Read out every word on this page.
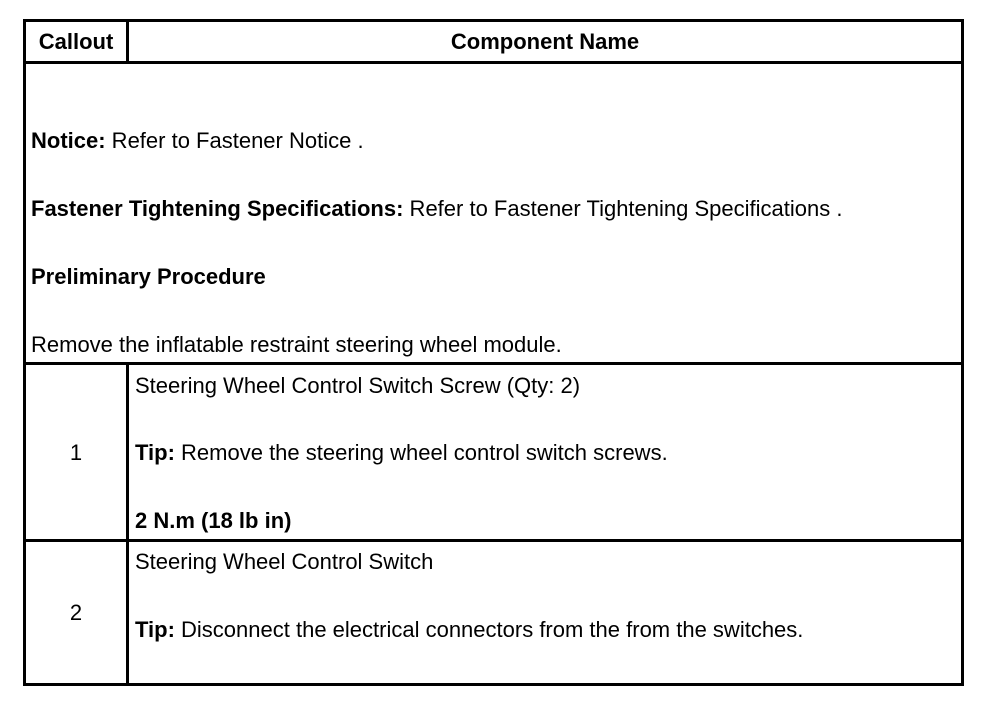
Callout	Component Name
Notice: Refer to Fastener Notice .
Fastener Tightening Specifications: Refer to Fastener Tightening Specifications .
Preliminary Procedure
Remove the inflatable restraint steering wheel module.
1
Steering Wheel Control Switch Screw (Qty: 2)
Tip: Remove the steering wheel control switch screws.
2 N.m (18 lb in)
2
Steering Wheel Control Switch
Tip: Disconnect the electrical connectors from the from the switches.
